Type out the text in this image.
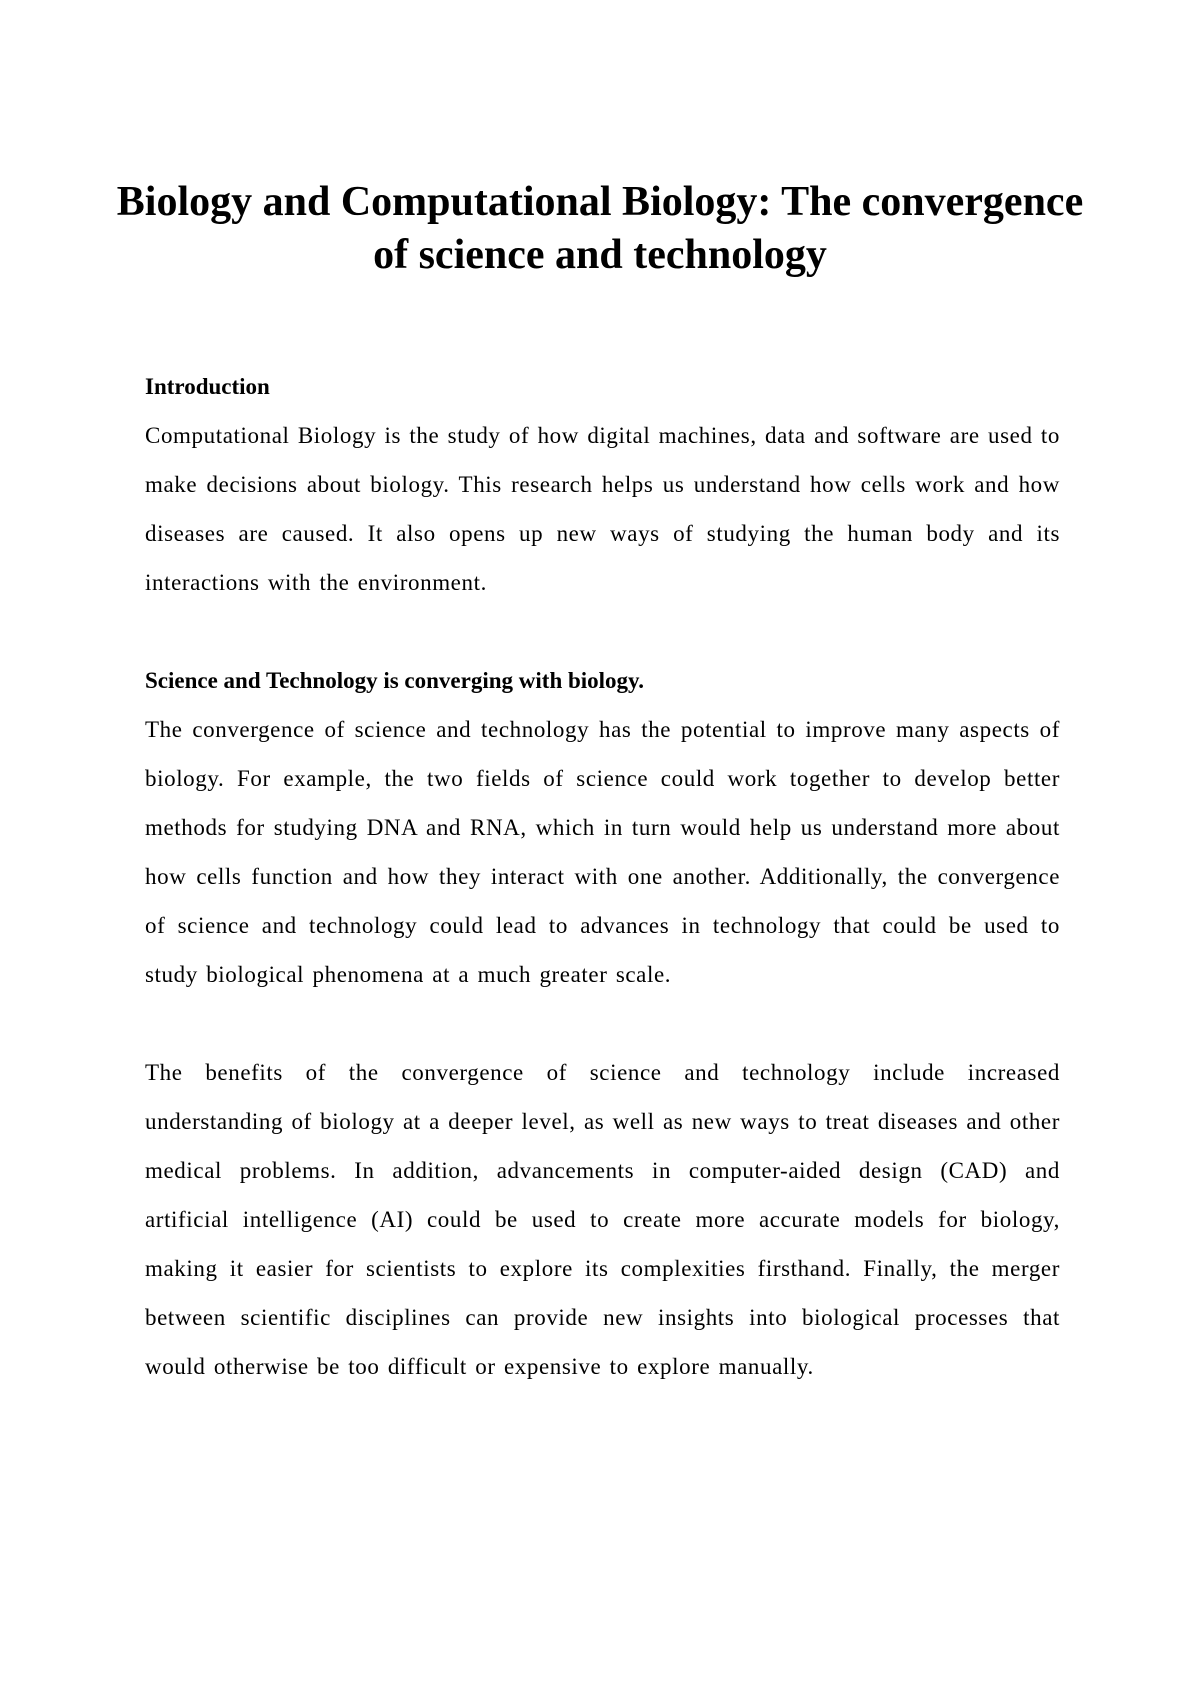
Biology and Computational Biology: The convergence of science and technology
Introduction

Computational Biology is the study of how digital machines, data and software are used to make decisions about biology. This research helps us understand how cells work and how diseases are caused. It also opens up new ways of studying the human body and its interactions with the environment.

Science and Technology is converging with biology.

The convergence of science and technology has the potential to improve many aspects of biology. For example, the two fields of science could work together to develop better methods for studying DNA and RNA, which in turn would help us understand more about how cells function and how they interact with one another. Additionally, the convergence of science and technology could lead to advances in technology that could be used to study biological phenomena at a much greater scale.

The benefits of the convergence of science and technology include increased understanding of biology at a deeper level, as well as new ways to treat diseases and other medical problems. In addition, advancements in computer-aided design (CAD) and artificial intelligence (AI) could be used to create more accurate models for biology, making it easier for scientists to explore its complexities firsthand. Finally, the merger between scientific disciplines can provide new insights into biological processes that would otherwise be too difficult or expensive to explore manually.
